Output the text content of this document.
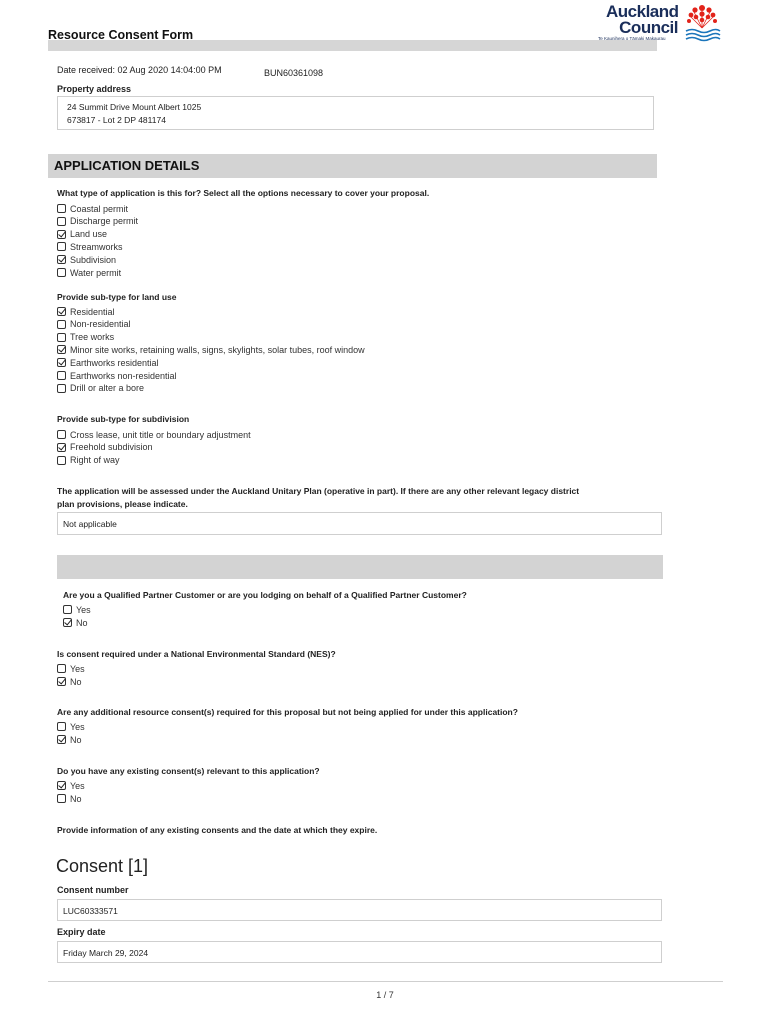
Resource Consent Form
Auckland
Council
Te Kaunihera o Tāmaki Makaurau
Date received: 02 Aug 2020 14:04:00 PM	BUN60361098
Property address
24 Summit Drive Mount Albert 1025
673817 - Lot 2 DP 481174
APPLICATION DETAILS
What type of application is this for? Select all the options necessary to cover your proposal.
Coastal permit
Discharge permit
Land use
Streamworks
Subdivision
Water permit
Provide sub-type for land use
Residential
Non-residential
Tree works
Minor site works, retaining walls, signs, skylights, solar tubes, roof window
Earthworks residential
Earthworks non-residential
Drill or alter a bore
Provide sub-type for subdivision
Cross lease, unit title or boundary adjustment
Freehold subdivision
Right of way
The application will be assessed under the Auckland Unitary Plan (operative in part). If there are any other relevant legacy district
plan provisions, please indicate.
Not applicable
Are you a Qualified Partner Customer or are you lodging on behalf of a Qualified Partner Customer?
Yes
No
Is consent required under a National Environmental Standard (NES)?
Yes
No
Are any additional resource consent(s) required for this proposal but not being applied for under this application?
Yes
No
Do you have any existing consent(s) relevant to this application?
Yes
No
Provide information of any existing consents and the date at which they expire.
Consent [1]
Consent number
LUC60333571
Expiry date
Friday March 29, 2024
1 / 7
